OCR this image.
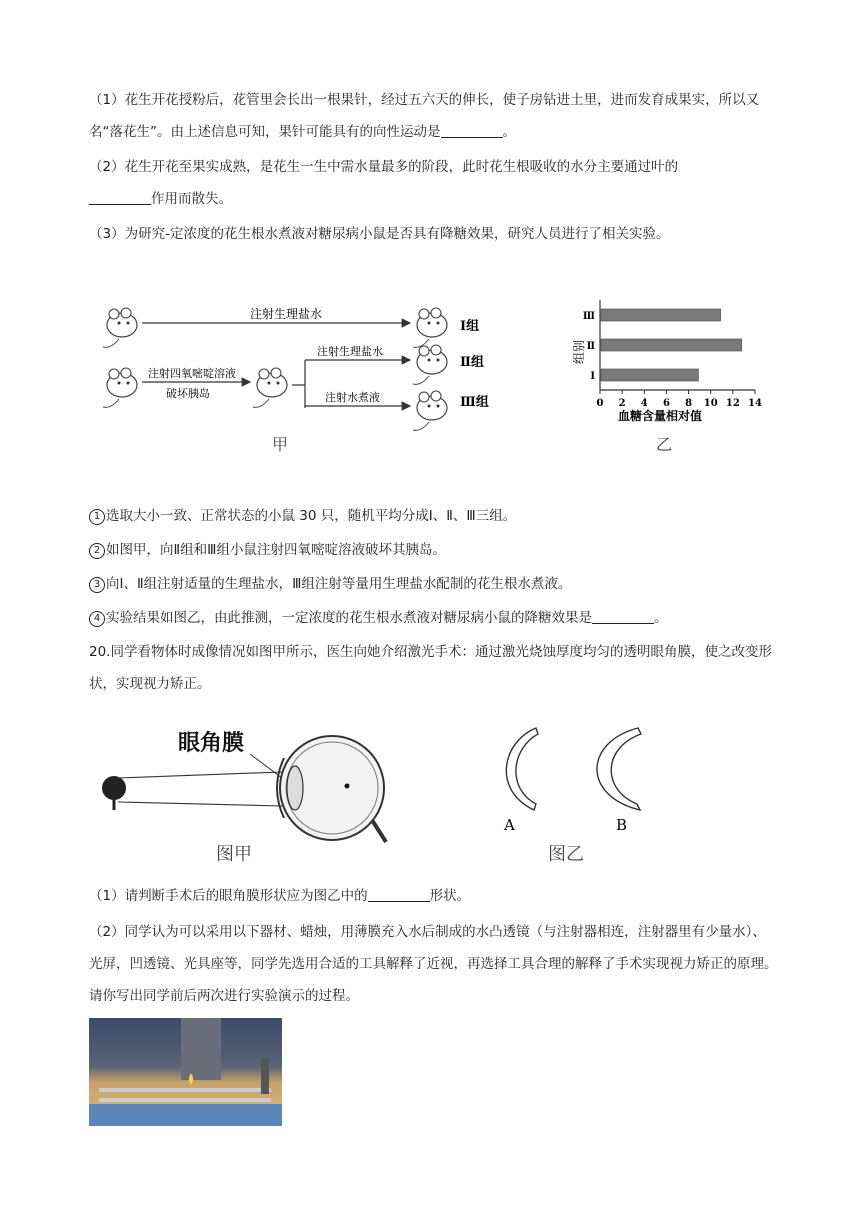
（1）花生开花授粉后，花管里会长出一根果针，经过五六天的伸长，使子房钻进土里，进而发育成果实，所以又名“落花生”。由上述信息可知，果针可能具有的向性运动是	。
（2）花生开花至果实成熟，是花生一生中需水量最多的阶段，此时花生根吸收的水分主要通过叶的
作用而散失。
（3）为研究-定浓度的花生根水煮液对糖尿病小鼠是否具有降糖效果，研究人员进行了相关实验。
注射生理盐水
注射四氧嘧啶溶液
破坏胰岛
注射生理盐水
注射水煮液
Ⅰ组
Ⅱ组
Ⅲ组
甲
组别
0 2 4 6 8 10 12 14
Ⅲ
Ⅱ
Ⅰ
血糖含量相对值
乙
1 选取大小一致、正常状态的小鼠 30 只，随机平均分成Ⅰ、Ⅱ、Ⅲ三组。
2 如图甲，向Ⅱ组和Ⅲ组小鼠注射四氧嘧啶溶液破坏其胰岛。
3 向Ⅰ、Ⅱ组注射适量的生理盐水，Ⅲ组注射等量用生理盐水配制的花生根水煮液。
4 实验结果如图乙，由此推测，一定浓度的花生根水煮液对糖尿病小鼠的降糖效果是	。
20.同学看物体时成像情况如图甲所示，医生向她介绍激光手术：通过激光烧蚀厚度均匀的透明眼角膜，使之改变形状，实现视力矫正。
眼角膜
图甲
A	B
图乙
（1）请判断手术后的眼角膜形状应为图乙中的	形状。
（2）同学认为可以采用以下器材、蜡烛，用薄膜充入水后制成的水凸透镜（与注射器相连，注射器里有少量水）、光屏，凹透镜、光具座等，同学先选用合适的工具解释了近视，再选择工具合理的解释了手术实现视力矫正的原理。请你写出同学前后两次进行实验演示的过程。
